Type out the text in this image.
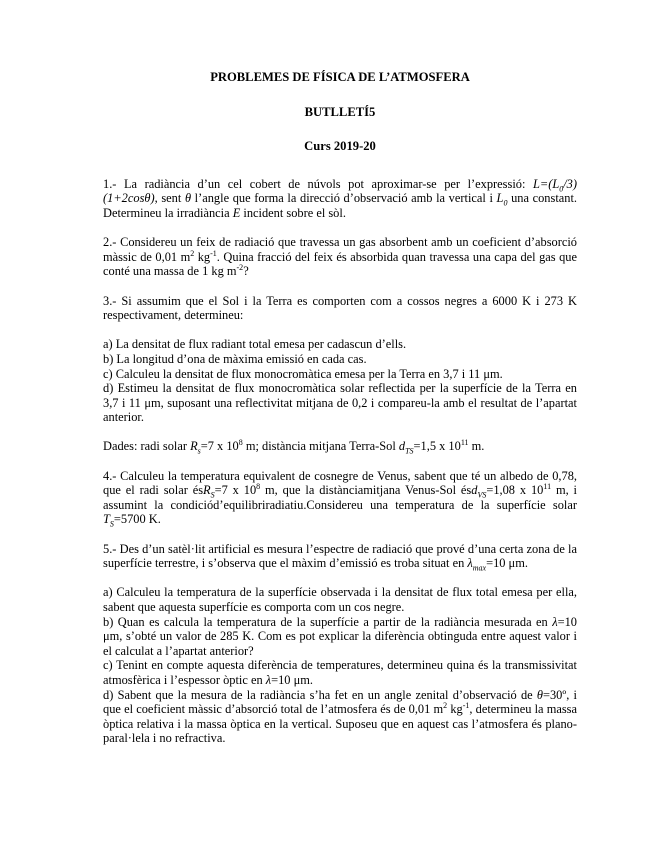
PROBLEMES DE FÍSICA DE L’ATMOSFERA
BUTLLETÍ5
Curs 2019-20

1.- La radiància d’un cel cobert de núvols pot aproximar-se per l’expressió: $L=(L_0/3)(1+2\cos\theta)$, sent θ l’angle que forma la direcció d’observació amb la vertical i $L_0$ una constant. Determineu la irradiància E incident sobre el sòl.

2.- Considereu un feix de radiació que travessa un gas absorbent amb un coeficient d’absorció màssic de 0,01 $m^2$ $kg^{-1}$. Quina fracció del feix és absorbida quan travessa una capa del gas que conté una massa de 1 kg $m^{-2}$?

3.- Si assumim que el Sol i la Terra es comporten com a cossos negres a 6000 K i 273 K respectivament, determineu:

a) La densitat de flux radiant total emesa per cadascun d’ells.

b) La longitud d’ona de màxima emissió en cada cas.

c) Calculeu la densitat de flux monocromàtica emesa per la Terra en 3,7 i 11 μm.

d) Estimeu la densitat de flux monocromàtica solar reflectida per la superfície de la Terra en 3,7 i 11 μm, suposant una reflectivitat mitjana de 0,2 i compareu-la amb el resultat de l’apartat anterior.

Dades: radi solar $R_s=7$ x $10^8$ m; distància mitjana Terra-Sol $d_{TS}=1,5$ x $10^{11}$ m.

4.- Calculeu la temperatura equivalent de cosnegre de Venus, sabent que té un albedo de 0,78, que el radi solar ésR$_S$=7 x $10^8$ m, que la distànciamitjana Venus-Sol ésd$_{VS}$=1,08 x $10^{11}$ m, i assumint la condiciód’equilibriradiatiu.Considereu una temperatura de la superfície solar $T_S=5700$ K.

5.- Des d’un satèl·lit artificial es mesura l’espectre de radiació que prové d’una certa zona de la superfície terrestre, i s’observa que el màxim d’emissió es troba situat en $\lambda_{max}=10$ μm.

a) Calculeu la temperatura de la superfície observada i la densitat de flux total emesa per ella, sabent que aquesta superfície es comporta com un cos negre.

b) Quan es calcula la temperatura de la superfície a partir de la radiància mesurada en λ=10 μm, s’obté un valor de 285 K. Com es pot explicar la diferència obtinguda entre aquest valor i el calculat a l’apartat anterior?

c) Tenint en compte aquesta diferència de temperatures, determineu quina és la transmissivitat atmosfèrica i l’espessor òptic en λ=10 μm.

d) Sabent que la mesura de la radiància s’ha fet en un angle zenital d’observació de θ=30º, i que el coeficient màssic d’absorció total de l’atmosfera és de 0,01 $m^2$ $kg^{-1}$, determineu la massa òptica relativa i la massa òptica en la vertical. Suposeu que en aquest cas l’atmosfera és plano-paral·lela i no refractiva.
